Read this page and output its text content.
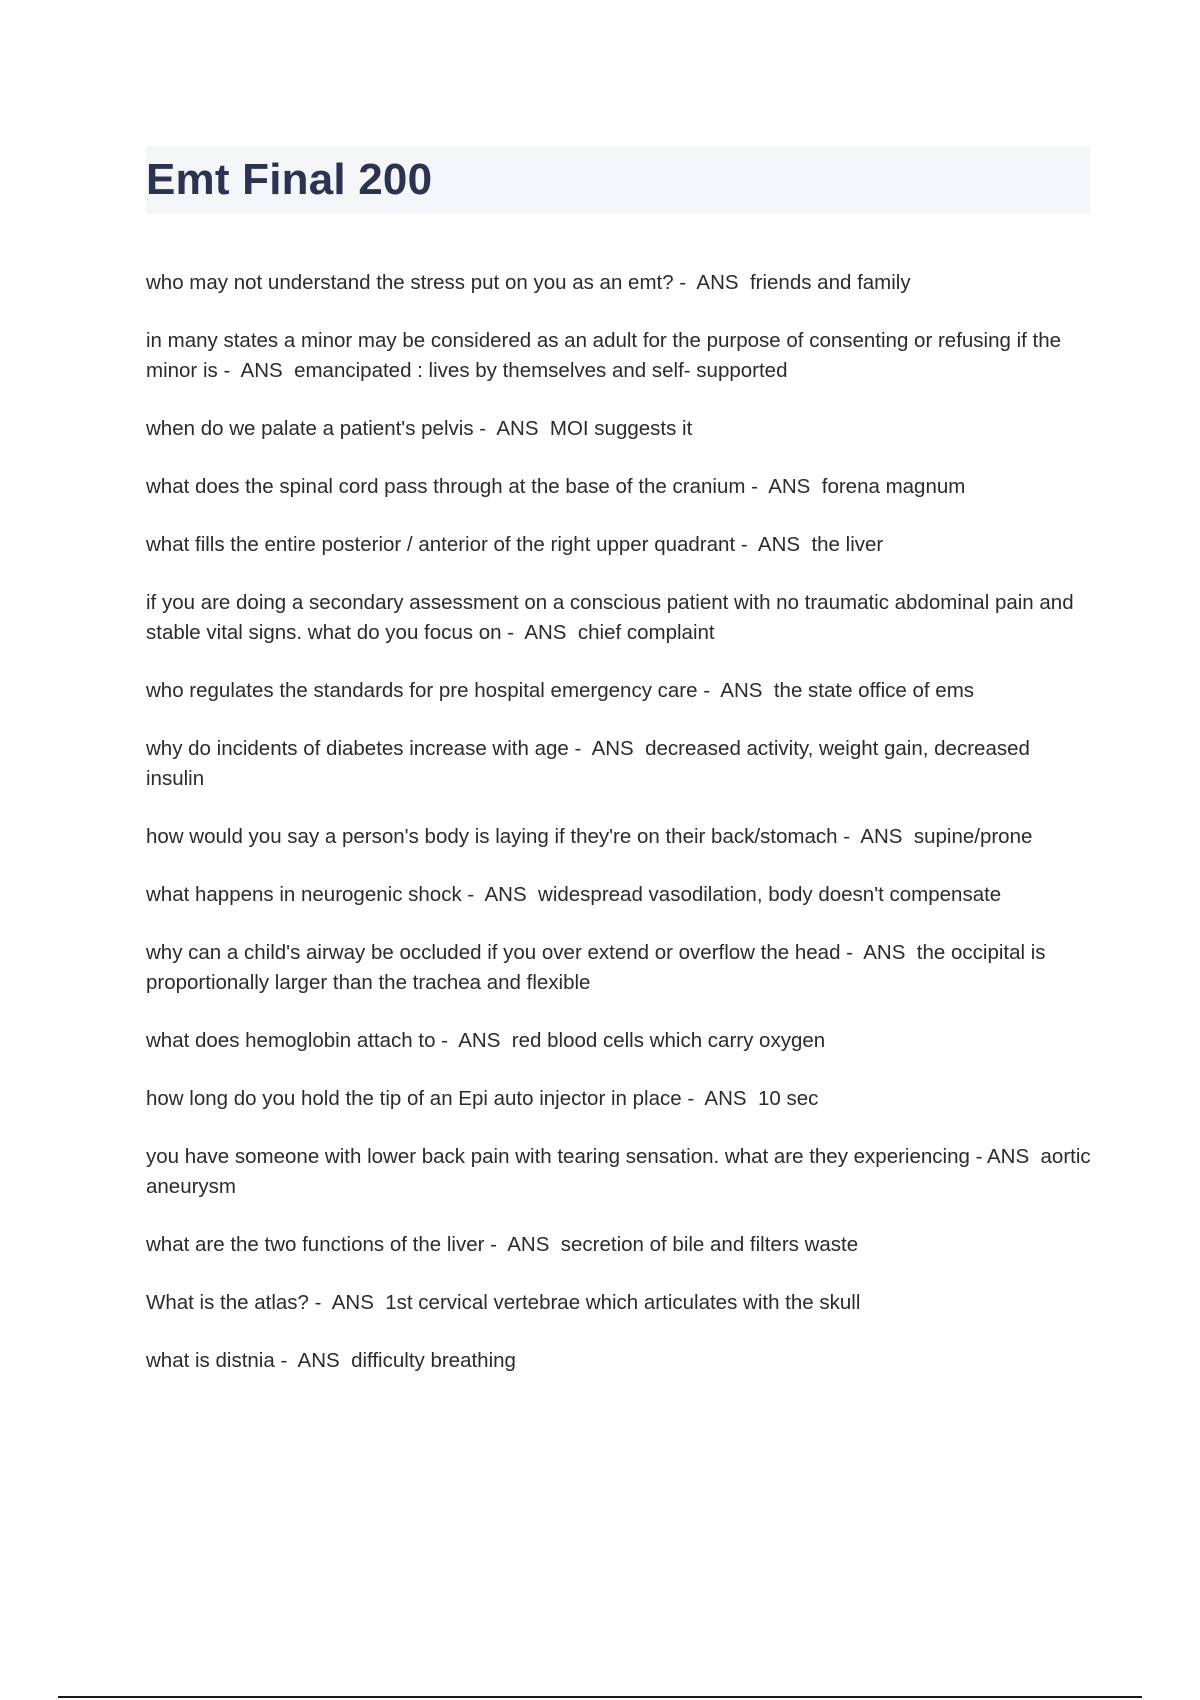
Emt Final 200
who may not understand the stress put on you as an emt? -  ANS  friends and family
in many states a minor may be considered as an adult for the purpose of consenting or refusing if the minor is -  ANS  emancipated : lives by themselves and self- supported
when do we palate a patient's pelvis -  ANS  MOI suggests it
what does the spinal cord pass through at the base of the cranium -  ANS  forena magnum
what fills the entire posterior / anterior of the right upper quadrant -  ANS  the liver
if you are doing a secondary assessment on a conscious patient with no traumatic abdominal pain and stable vital signs. what do you focus on -  ANS  chief complaint
who regulates the standards for pre hospital emergency care -  ANS  the state office of ems
why do incidents of diabetes increase with age -  ANS  decreased activity, weight gain, decreased insulin
how would you say a person's body is laying if they're on their back/stomach -  ANS  supine/prone
what happens in neurogenic shock -  ANS  widespread vasodilation, body doesn't compensate
why can a child's airway be occluded if you over extend or overflow the head -  ANS  the occipital is proportionally larger than the trachea and flexible
what does hemoglobin attach to -  ANS  red blood cells which carry oxygen
how long do you hold the tip of an Epi auto injector in place -  ANS  10 sec
you have someone with lower back pain with tearing sensation. what are they experiencing - ANS  aortic aneurysm
what are the two functions of the liver -  ANS  secretion of bile and filters waste
What is the atlas? -  ANS  1st cervical vertebrae which articulates with the skull
what is distnia -  ANS  difficulty breathing
